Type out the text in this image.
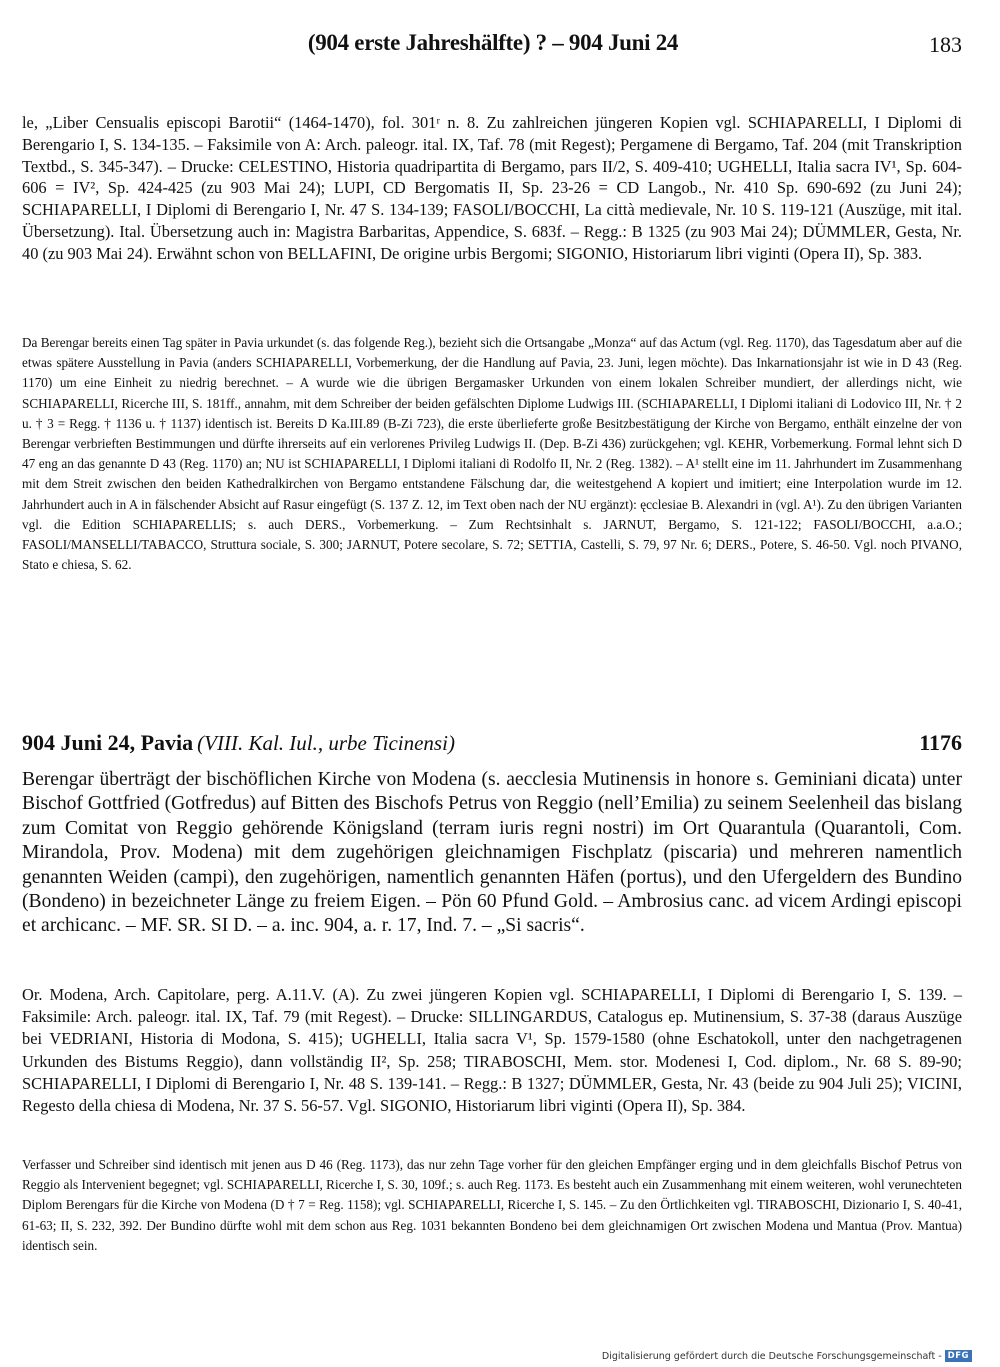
(904 erste Jahreshälfte) ? – 904 Juni 24	183

le, „Liber Censualis episcopi Barotii“ (1464-1470), fol. 301ʳ n. 8. Zu zahlreichen jüngeren Kopien vgl. SCHIAPARELLI, I Diplomi di Berengario I, S. 134-135. – Faksimile von A: Arch. paleogr. ital. IX, Taf. 78 (mit Regest); Pergamene di Bergamo, Taf. 204 (mit Transkription Textbd., S. 345-347). – Drucke: CELESTINO, Historia quadripartita di Bergamo, pars II/2, S. 409-410; UGHELLI, Italia sacra IV¹, Sp. 604-606 = IV², Sp. 424-425 (zu 903 Mai 24); LUPI, CD Bergomatis II, Sp. 23-26 = CD Langob., Nr. 410 Sp. 690-692 (zu Juni 24); SCHIAPARELLI, I Diplomi di Berengario I, Nr. 47 S. 134-139; FASOLI/BOCCHI, La città medievale, Nr. 10 S. 119-121 (Auszüge, mit ital. Übersetzung). Ital. Übersetzung auch in: Magistra Barbaritas, Appendice, S. 683f. – Regg.: B 1325 (zu 903 Mai 24); DÜMMLER, Gesta, Nr. 40 (zu 903 Mai 24). Erwähnt schon von BELLAFINI, De origine urbis Bergomi; SIGONIO, Historiarum libri viginti (Opera II), Sp. 383.

Da Berengar bereits einen Tag später in Pavia urkundet (s. das folgende Reg.), bezieht sich die Ortsangabe „Monza“ auf das Actum (vgl. Reg. 1170), das Tagesdatum aber auf die etwas spätere Ausstellung in Pavia (anders SCHIAPARELLI, Vorbemerkung, der die Handlung auf Pavia, 23. Juni, legen möchte). Das Inkarnationsjahr ist wie in D 43 (Reg. 1170) um eine Einheit zu niedrig berechnet. – A wurde wie die übrigen Bergamasker Urkunden von einem lokalen Schreiber mundiert, der allerdings nicht, wie SCHIAPARELLI, Ricerche III, S. 181ff., annahm, mit dem Schreiber der beiden gefälschten Diplome Ludwigs III. (SCHIAPARELLI, I Diplomi italiani di Lodovico III, Nr. † 2 u. † 3 = Regg. † 1136 u. † 1137) identisch ist. Bereits D Ka.III.89 (B-Zi 723), die erste überlieferte große Besitzbestätigung der Kirche von Bergamo, enthält einzelne der von Berengar verbrieften Bestimmungen und dürfte ihrerseits auf ein verlorenes Privileg Ludwigs II. (Dep. B-Zi 436) zurückgehen; vgl. KEHR, Vorbemerkung. Formal lehnt sich D 47 eng an das genannte D 43 (Reg. 1170) an; NU ist SCHIAPARELLI, I Diplomi italiani di Rodolfo II, Nr. 2 (Reg. 1382). – A¹ stellt eine im 11. Jahrhundert im Zusammenhang mit dem Streit zwischen den beiden Kathedralkirchen von Bergamo entstandene Fälschung dar, die weitestgehend A kopiert und imitiert; eine Interpolation wurde im 12. Jahrhundert auch in A in fälschender Absicht auf Rasur eingefügt (S. 137 Z. 12, im Text oben nach der NU ergänzt): ęcclesiae B. Alexandri in (vgl. A¹). Zu den übrigen Varianten vgl. die Edition SCHIAPARELLIS; s. auch DERS., Vorbemerkung. – Zum Rechtsinhalt s. JARNUT, Bergamo, S. 121-122; FASOLI/BOCCHI, a.a.O.; FASOLI/MANSELLI/TABACCO, Struttura sociale, S. 300; JARNUT, Potere secolare, S. 72; SETTIA, Castelli, S. 79, 97 Nr. 6; DERS., Potere, S. 46-50. Vgl. noch PIVANO, Stato e chiesa, S. 62.

904 Juni 24, Pavia (VIII. Kal. Iul., urbe Ticinensi)	1176

Berengar überträgt der bischöflichen Kirche von Modena (s. aecclesia Mutinensis in honore s. Geminiani dicata) unter Bischof Gottfried (Gotfredus) auf Bitten des Bischofs Petrus von Reggio (nell’Emilia) zu seinem Seelenheil das bislang zum Comitat von Reggio gehörende Königsland (terram iuris regni nostri) im Ort Quarantula (Quarantoli, Com. Mirandola, Prov. Modena) mit dem zugehörigen gleichnamigen Fischplatz (piscaria) und mehreren namentlich genannten Weiden (campi), den zugehörigen, namentlich genannten Häfen (portus), und den Ufergeldern des Bundino (Bondeno) in bezeichneter Länge zu freiem Eigen. – Pön 60 Pfund Gold. – Ambrosius canc. ad vicem Ardingi episcopi et archicanc. – MF. SR. SI D. – a. inc. 904, a. r. 17, Ind. 7. – „Si sacris“.

Or. Modena, Arch. Capitolare, perg. A.11.V. (A). Zu zwei jüngeren Kopien vgl. SCHIAPARELLI, I Diplomi di Berengario I, S. 139. – Faksimile: Arch. paleogr. ital. IX, Taf. 79 (mit Regest). – Drucke: SILLINGARDUS, Catalogus ep. Mutinensium, S. 37-38 (daraus Auszüge bei VEDRIANI, Historia di Modona, S. 415); UGHELLI, Italia sacra V¹, Sp. 1579-1580 (ohne Eschatokoll, unter den nachgetragenen Urkunden des Bistums Reggio), dann vollständig II², Sp. 258; TIRABOSCHI, Mem. stor. Modenesi I, Cod. diplom., Nr. 68 S. 89-90; SCHIAPARELLI, I Diplomi di Berengario I, Nr. 48 S. 139-141. – Regg.: B 1327; DÜMMLER, Gesta, Nr. 43 (beide zu 904 Juli 25); VICINI, Regesto della chiesa di Modena, Nr. 37 S. 56-57. Vgl. SIGONIO, Historiarum libri viginti (Opera II), Sp. 384.

Verfasser und Schreiber sind identisch mit jenen aus D 46 (Reg. 1173), das nur zehn Tage vorher für den gleichen Empfänger erging und in dem gleichfalls Bischof Petrus von Reggio als Intervenient begegnet; vgl. SCHIAPARELLI, Ricerche I, S. 30, 109f.; s. auch Reg. 1173. Es besteht auch ein Zusammenhang mit einem weiteren, wohl verunechteten Diplom Berengars für die Kirche von Modena (D † 7 = Reg. 1158); vgl. SCHIAPARELLI, Ricerche I, S. 145. – Zu den Örtlichkeiten vgl. TIRABOSCHI, Dizionario I, S. 40-41, 61-63; II, S. 232, 392. Der Bundino dürfte wohl mit dem schon aus Reg. 1031 bekannten Bondeno bei dem gleichnamigen Ort zwischen Modena und Mantua (Prov. Mantua) identisch sein.

Digitalisierung gefördert durch die Deutsche Forschungsgemeinschaft - DFG
